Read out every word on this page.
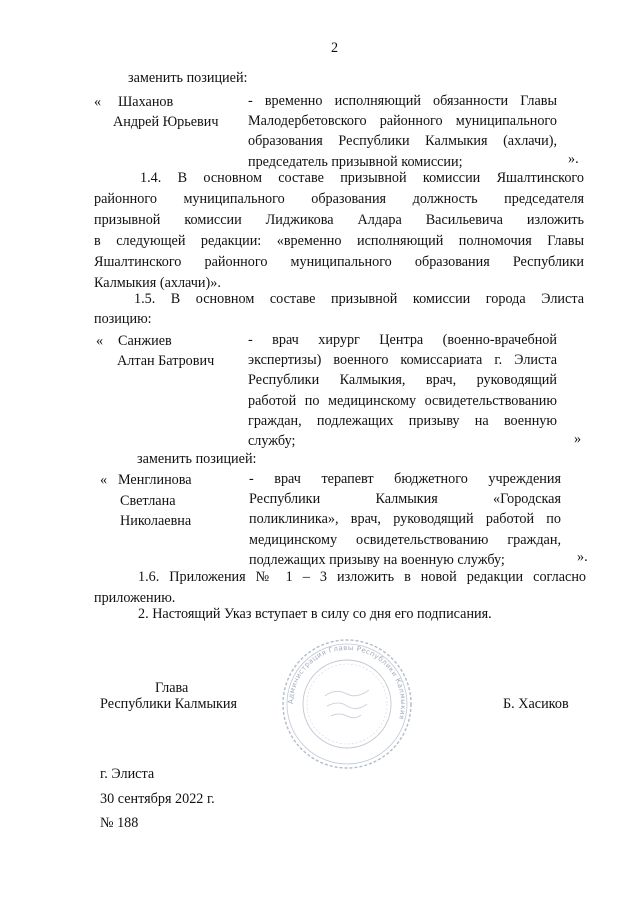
2
заменить позицией:
« Шаханов
Андрей Юрьевич
- временно исполняющий обязанности Главы
Малодербетовского районного муниципального
образования Республики Калмыкия (ахлачи),
председатель призывной комиссии;	».
1.4. В основном составе призывной комиссии Яшалтинского
районного муниципального образования должность председателя
призывной комиссии Лиджикова Алдара Васильевича изложить
в следующей редакции: «временно исполняющий полномочия Главы
Яшалтинского районного муниципального образования Республики
Калмыкия (ахлачи)».
1.5. В основном составе призывной комиссии города Элиста
позицию:
« Санжиев
Алтан Батрович
- врач хирург Центра (военно-врачебной
экспертизы) военного комиссариата г. Элиста
Республики Калмыкия, врач, руководящий
работой по медицинскому освидетельствованию
граждан, подлежащих призыву на военную
службу;	»
заменить позицией:
« Менглинова
Светлана
Николаевна
- врач терапевт бюджетного учреждения
Республики Калмыкия «Городская
поликлиника», врач, руководящий работой по
медицинскому освидетельствованию граждан,
подлежащих призыву на военную службу;	».
1.6. Приложения № 1 – 3 изложить в новой редакции согласно
приложению.
2. Настоящий Указ вступает в силу со дня его подписания.
Глава
Республики Калмыкия	Б. Хасиков
Администрация Главы Республики Калмыкия
г. Элиста
30 сентября 2022 г.
№ 188
